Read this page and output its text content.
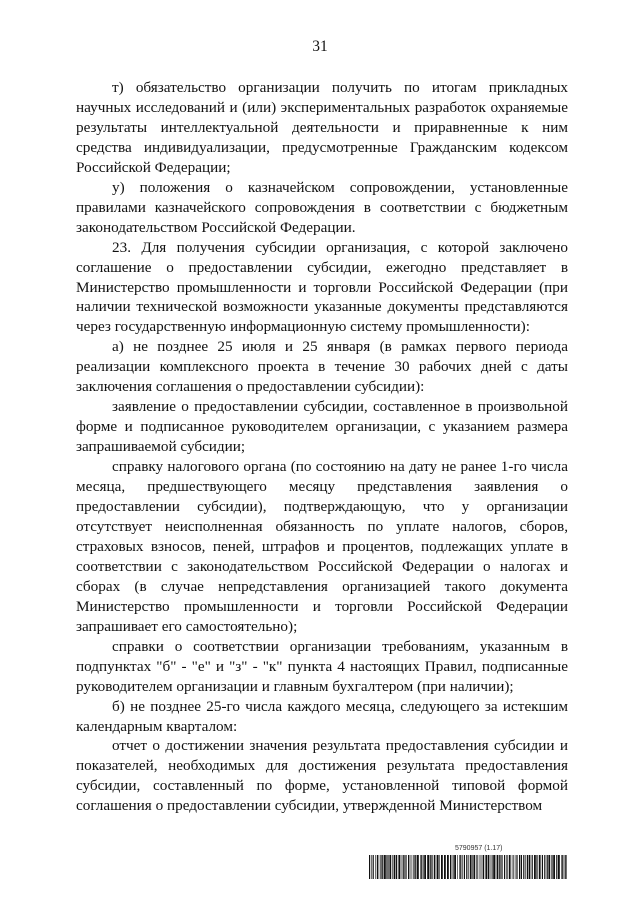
31

т) обязательство организации получить по итогам прикладных научных исследований и (или) экспериментальных разработок охраняемые результаты интеллектуальной деятельности и приравненные к ним средства индивидуализации, предусмотренные Гражданским кодексом Российской Федерации;

у) положения о казначейском сопровождении, установленные правилами казначейского сопровождения в соответствии с бюджетным законодательством Российской Федерации.

23. Для получения субсидии организация, с которой заключено соглашение о предоставлении субсидии, ежегодно представляет в Министерство промышленности и торговли Российской Федерации (при наличии технической возможности указанные документы представляются через государственную информационную систему промышленности):

а) не позднее 25 июля и 25 января (в рамках первого периода реализации комплексного проекта в течение 30 рабочих дней с даты заключения соглашения о предоставлении субсидии):

заявление о предоставлении субсидии, составленное в произвольной форме и подписанное руководителем организации, с указанием размера запрашиваемой субсидии;

справку налогового органа (по состоянию на дату не ранее 1-го числа месяца, предшествующего месяцу представления заявления о предоставлении субсидии), подтверждающую, что у организации отсутствует неисполненная обязанность по уплате налогов, сборов, страховых взносов, пеней, штрафов и процентов, подлежащих уплате в соответствии с законодательством Российской Федерации о налогах и сборах (в случае непредставления организацией такого документа Министерство промышленности и торговли Российской Федерации запрашивает его самостоятельно);

справки о соответствии организации требованиям, указанным в подпунктах "б" - "е" и "з" - "к" пункта 4 настоящих Правил, подписанные руководителем организации и главным бухгалтером (при наличии);

б) не позднее 25-го числа каждого месяца, следующего за истекшим календарным кварталом:

отчет о достижении значения результата предоставления субсидии и показателей, необходимых для достижения результата предоставления субсидии, составленный по форме, установленной типовой формой соглашения о предоставлении субсидии, утвержденной Министерством

5790957 (1.17)
